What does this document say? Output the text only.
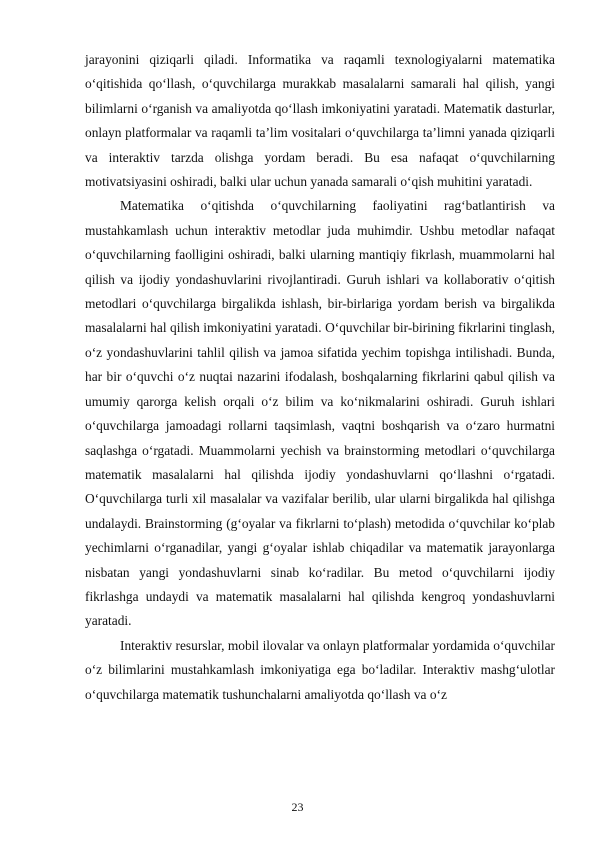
jarayonini qiziqarli qiladi. Informatika va raqamli texnologiyalarni matematika o‘qitishida qo‘llash, o‘quvchilarga murakkab masalalarni samarali hal qilish, yangi bilimlarni o‘rganish va amaliyotda qo‘llash imkoniyatini yaratadi. Matematik dasturlar, onlayn platformalar va raqamli ta’lim vositalari o‘quvchilarga ta’limni yanada qiziqarli va interaktiv tarzda olishga yordam beradi. Bu esa nafaqat o‘quvchilarning motivatsiyasini oshiradi, balki ular uchun yanada samarali o‘qish muhitini yaratadi.

Matematika o‘qitishda o‘quvchilarning faoliyatini rag‘batlantirish va mustahkamlash uchun interaktiv metodlar juda muhimdir. Ushbu metodlar nafaqat o‘quvchilarning faolligini oshiradi, balki ularning mantiqiy fikrlash, muammolarni hal qilish va ijodiy yondashuvlarini rivojlantiradi. Guruh ishlari va kollaborativ o‘qitish metodlari o‘quvchilarga birgalikda ishlash, bir-birlariga yordam berish va birgalikda masalalarni hal qilish imkoniyatini yaratadi. O‘quvchilar bir-birining fikrlarini tinglash, o‘z yondashuvlarini tahlil qilish va jamoa sifatida yechim topishga intilishadi. Bunda, har bir o‘quvchi o‘z nuqtai nazarini ifodalash, boshqalarning fikrlarini qabul qilish va umumiy qarorga kelish orqali o‘z bilim va ko‘nikmalarini oshiradi. Guruh ishlari o‘quvchilarga jamoadagi rollarni taqsimlash, vaqtni boshqarish va o‘zaro hurmatni saqlashga o‘rgatadi. Muammolarni yechish va brainstorming metodlari o‘quvchilarga matematik masalalarni hal qilishda ijodiy yondashuvlarni qo‘llashni o‘rgatadi. O‘quvchilarga turli xil masalalar va vazifalar berilib, ular ularni birgalikda hal qilishga undalaydi. Brainstorming (g‘oyalar va fikrlarni to‘plash) metodida o‘quvchilar ko‘plab yechimlarni o‘rganadilar, yangi g‘oyalar ishlab chiqadilar va matematik jarayonlarga nisbatan yangi yondashuvlarni sinab ko‘radilar. Bu metod o‘quvchilarni ijodiy fikrlashga undaydi va matematik masalalarni hal qilishda kengroq yondashuvlarni yaratadi.

Interaktiv resurslar, mobil ilovalar va onlayn platformalar yordamida o‘quvchilar o‘z bilimlarini mustahkamlash imkoniyatiga ega bo‘ladilar. Interaktiv mashg‘ulotlar o‘quvchilarga matematik tushunchalarni amaliyotda qo‘llash va o‘z

23
